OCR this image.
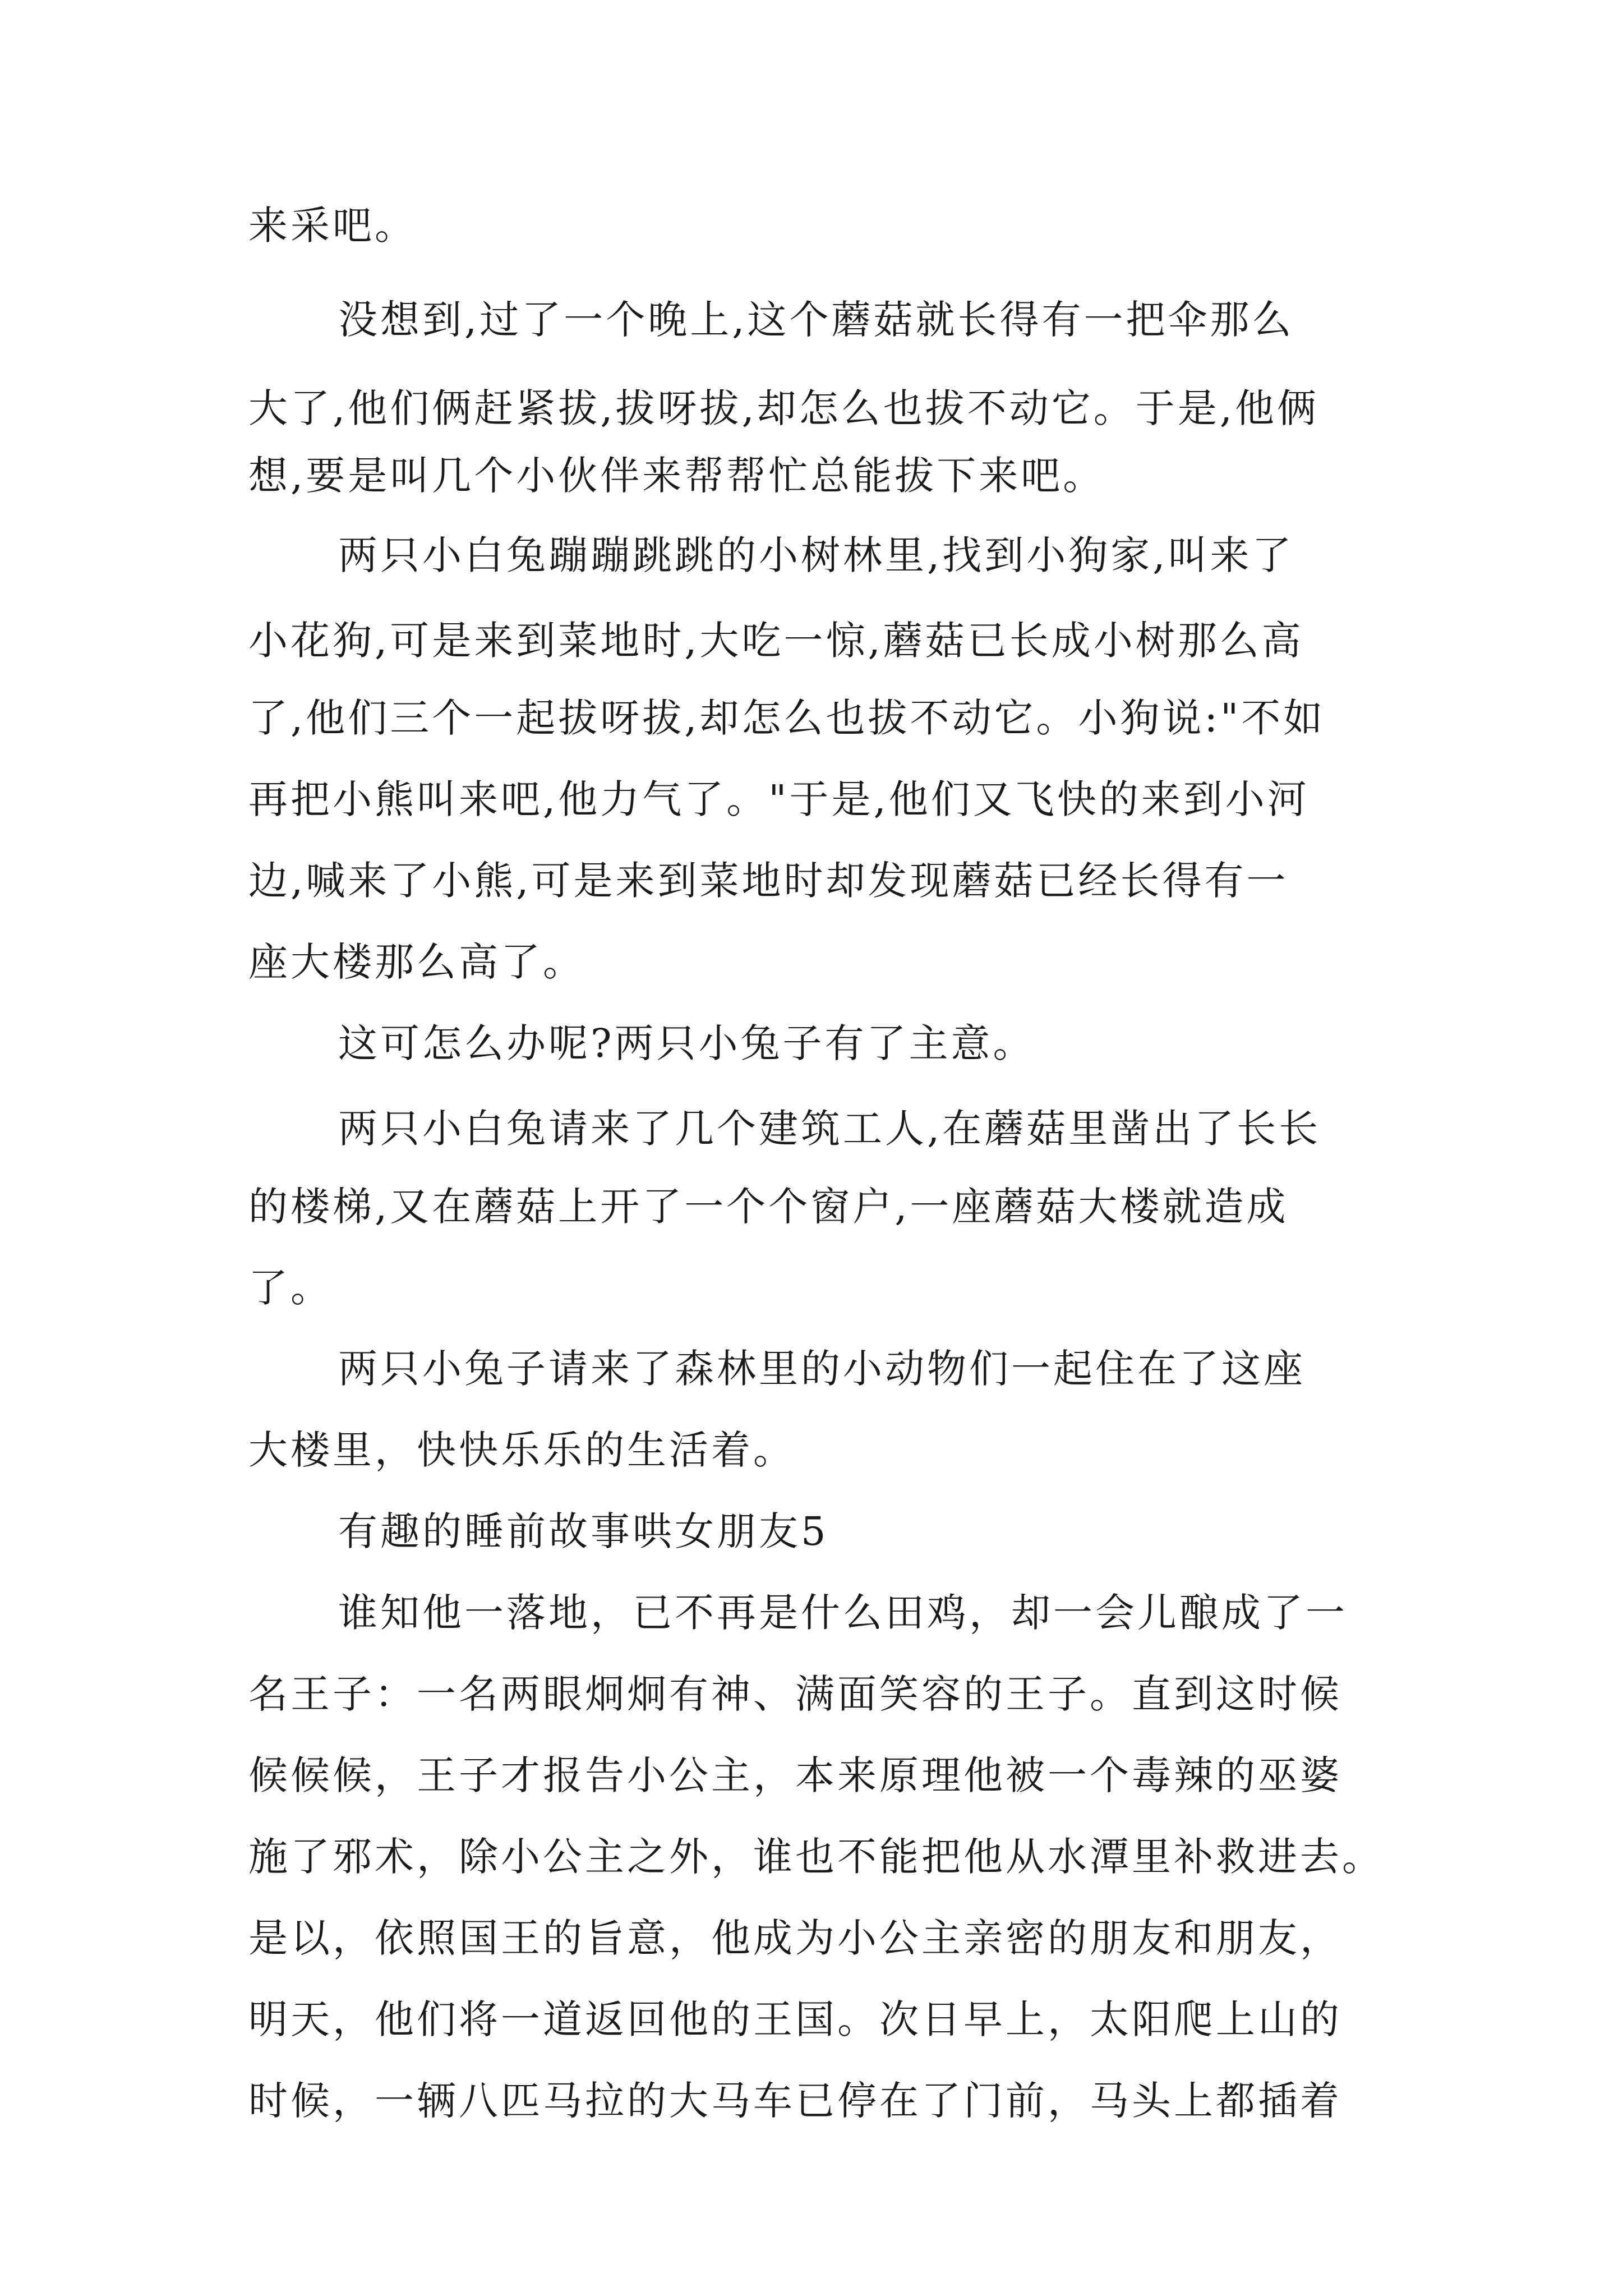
来采吧。
没想到,过了一个晚上,这个蘑菇就长得有一把伞那么
大了,他们俩赶紧拔,拔呀拔,却怎么也拔不动它。于是,他俩
想,要是叫几个小伙伴来帮帮忙总能拔下来吧。
两只小白兔蹦蹦跳跳的小树林里,找到小狗家,叫来了
小花狗,可是来到菜地时,大吃一惊,蘑菇已长成小树那么高
了,他们三个一起拔呀拔,却怎么也拔不动它。小狗说:"不如
再把小熊叫来吧,他力气了。"于是,他们又飞快的来到小河
边,喊来了小熊,可是来到菜地时却发现蘑菇已经长得有一
座大楼那么高了。
这可怎么办呢?两只小兔子有了主意。
两只小白兔请来了几个建筑工人,在蘑菇里凿出了长长
的楼梯,又在蘑菇上开了一个个窗户,一座蘑菇大楼就造成
了。
两只小兔子请来了森林里的小动物们一起住在了这座
大楼里，快快乐乐的生活着。
有趣的睡前故事哄女朋友5
谁知他一落地，已不再是什么田鸡，却一会儿酿成了一
名王子：一名两眼炯炯有神、满面笑容的王子。直到这时候
候候候，王子才报告小公主，本来原理他被一个毒辣的巫婆
施了邪术，除小公主之外，谁也不能把他从水潭里补救进去。
是以，依照国王的旨意，他成为小公主亲密的朋友和朋友，
明天，他们将一道返回他的王国。次日早上，太阳爬上山的
时候，一辆八匹马拉的大马车已停在了门前，马头上都插着
